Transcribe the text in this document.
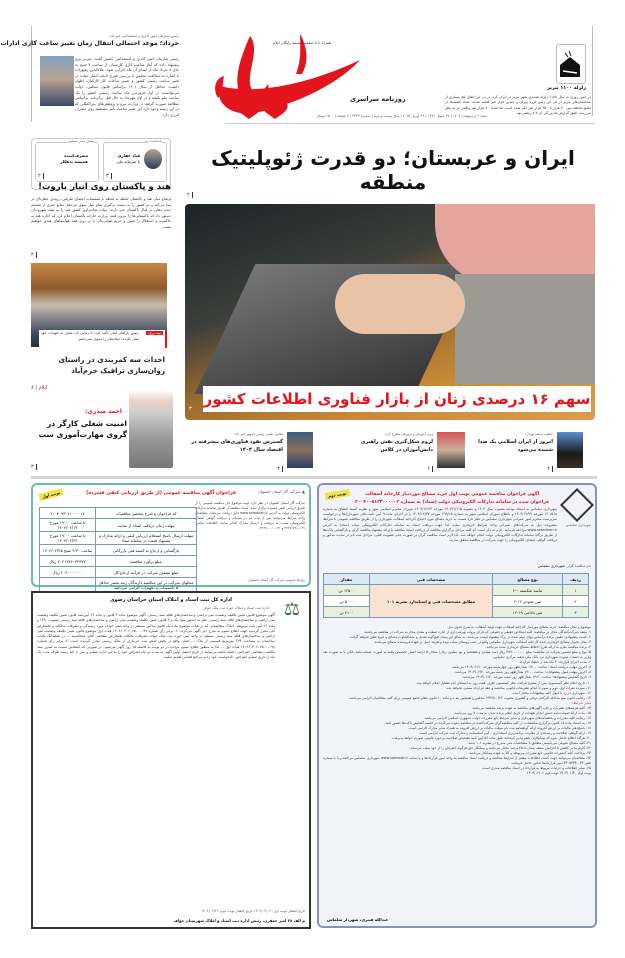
رئیس سازمان امور اداری و استخدامی خبر داد:
خرداد؛ موعد احتمالی انتقال زمان تغییر ساعت کاری ادارات
رئیس سازمان امور اداری و استخدامی کشور گفت: دوزیر نیرو پیشنهاد داده که آغاز ساعت کاری کارمندان از ساعت ۷ صبح به جای ۸ خرداد ماه از ابتدای آن ماه اجرایی شود. علاءالدین رفیع‌زاده با اشاره به مخالفت مجلس با بررسی فوری لایحه اختیار دولت در تغییر ساعت رسمی کشور و تعیین ساعات کار کارکنان، اظهار داشت: حداقل از سال ۱۴۰۱ براساس قانون مجلس، دولت می‌توانست در اول فروردین ماه ساعت رسمی کشور را یک ساعت جلو بکشد و در اول مهرماه به حال قبل برگرداند. براساس مطالعه صورت گرفته در وزارت نیرو و پژوهش‌های بین‌المللی که در این زمینه وجود دارد این تغییر ساعت تأثیر مستقیم روی مصرف انرژی دارد.
همراه با ۸ صفحه ضمیمه رایگان ایلام
روزنامه سراسری
زلزله ۱۱۰۰ تبریز
در چنین روزی به سال ۱۱۷۷ زلزله شدیدی شهر تبریز در ایران کرد. در پی این اتفاق تلخ بسیاری از ساختمان‌های تبریز در اثر این زمین لرزه ویران و چندین هزار نفر کشته شدند. تعداد کشته‌ها در منابع مختلف بین ۴۰ هزار تا ۲۵۰ هزار نفر ذکر شده است اما تعداد ۸۰ هزار نفر واقعی تر به نظر می‌رسد. طبق گزارش ها بزرگی آن ۷.۷ ریشتر بود.
شنبه ۶ اردیبهشت ۱۴۰۴ | ۲۷ شوال ۱۴۴۶ | ۲۶ آوریل ۲۰۲۵ | سال بیست و دوم | شماره ۴۳۴۳ | ۸ صفحه | ۱۵۰۰ تومان
یادداشت روز
قباد غفاری
با سرمایه ملی
۳
سخن مدیر مسئول
مصرف‌کننده
همیشه بدهکار
۲
هند و پاکستان روی انبار باروت!
اوضاع میان هند و پاکستان لحظه به لحظه با تصمیمات اعضای طرفین، روندی خطرناک در پیدا می‌کند و دو کشور را به سمت درگیری تمام عیار سوق می‌دهد. منابع خبری از تصمیم جدید دهلی در قبال پاکستان خبر دارند. دولت شاه‌نزاوی کشور هند را به همه شهروندان دستور داد که پاکستانی‌ها را بیرون کنند. وزارت خارجه پاکستان اعلام کرد که اجازه هند به حاکمیت و استقلال را تعیین و حریم هوایی‌مان را بر روی همه هواپیماهای هندی خواهیم بست.
۴
نبیه بری:
رئیس پارلمان لبنان تأکید کرد: تا زمانی که دشمن به تعهدات خود عمل نکرده، سلاحمان را تحویل نمی‌دهیم.
احداث سه کمربندی در راستای روان‌سازی ترافیک خرم‌آباد
۶ | ایلام
احمد میدری:
امنیت شغلی کارگر در گروی مهارت‌آموزی ست
۳
ایران و عربستان؛ دو قدرت ژئوپلیتیک منطقه
۲
سهم ۱۶ درصدی زنان از بازار فناوری اطلاعات کشور
۳
خطیب جمعه تهران:
امروز از ایران اسلامی یک صدا شنیده می‌شود
۲
وزیر آموزش و پرورش مطرح کرد:
لزوم شکل‌گیری نقش راهبری دانش‌آموزان در کلاس
۶
معاون علمی رئیس جمهور خبر داد:
گسترش نفوذ فناوری‌های پیشرفته در اقتصاد سال ۱۴۰۴
۴
شهرداری سلماس
نوبت دوم	آگهی فراخوان مناقصه عمومی نوبت اول خرید مصالح موردنیاز کارخانه آسفالت
فراخوان شده در سامانه تدارکات الکترونیکی دولت (ستاد) به شماره ۲۰۰۴۰۰۵۱۲۳۰۰۰۰۰۲
شهرداری سلماس به استناد بودجه مصوب سال ۱۴۰۴ و مصوبه ۱۴۰۳/۱۲/۱۵ مورخه ۱۴۰۳/۱۲/۲۳ شورای محترم اسلامی شهر و نظریه کمیته انطباق به شماره ۱۴۰/۵۱۸ مورخه ۱۴۰۳/۱۲/۲۹ و باطلاع شورای اسلامی شهر به شماره ۲۹۹/۱۵ مورخه ۱۴۰۳/۱۲/۲۷ و در اجرای ماده ۹ آیین نامه مالی شهرداری‌ها و درخواست سرپرست محترم امور عمرانی شهرداری سلماس در نظر دارد نسبت به خرید مصالح مورد احتیاج کارخانه آسفالت شهرداری را از طریق مناقصه عمومی با شرایط مشروحه ذیل به شرکت‌های عمرانی واجد شرایط خریداری نماید. لذا جهت دریافت اسناد به سامانه تدارکات الکترونیکی دولت (ستاد) به آدرس www.setadiran.ir مراجعه فرمایید. لازم به ذکر است که کلیه مراحل برگزاری مناقصه از دریافت اسناد مناقصه تا ارائه پیشنهاد مناقصه گران و بازگشایی پاکت‌ها از طریق درگاه سامانه تدارکات الکترونیکی دولت انجام خواهد شد. لذا لازم است مناقصه گران در صورت عدم عضویت قبلی، مراحل ثبت نام در سایت مذکور و دریافت گواهی امضای الکترونیکی را جهت شرکت در مناقصه محقق سازند.
نام مناقصه گزار: شهرداری سلماس
ردیف	نوع مصالح	مشخصات فنی	مقدار
۱	ماسه شکسته ۰-۶	مطابق مشخصات فنی و استاندارد نشریه ۱۰۱	۱۲۵۰۰ تن
۲	شن نخودی ۱۲-۶		۵۰۰۰ تن
۳	شن بادامی ۱۹-۱۲		۴۱۰۰ تن
موضوع و محل مناقصه: خرید مصالح موردنیاز کارخانه آسفالت جهت تولید آسفالت به شرح جدول ذیل.
۱- پیشه شرکت‌کنندگان مجاز در مناقصه: کلیه اشخاص حقیقی و حقوقی که دارای پروانه بهره‌برداری از اداره صنعت و معدن مجاز به شرکت در مناقصه می‌باشند.
۲- قیمت پیشنهادی: تعیین برنده براساس بهای تمام شده در برگ پیشنهاد قیمت می‌باشد. به مبالغ این پیمان هیچ‌گونه تعدیل و مابه‌التفاوت مصالح و غیره تعلق نخواهد گرفت.
۳- محل تحویل مصالح خریداری شده کارخانه آسفالت شهرداری سلماس واقع در جنب روستای میاب بوده و هزینه حمل بر عهده فروشنده مصالح می‌باشد.
۴- برنده مناقصه ملزم به ارائه طرح اختلاط مصالح خریداری شده می‌باشد.
۵- نوع و مبلغ تضمین شرکت در مناقصه: مبلغ ۳۸۹۰۰۰۰۰۰۰ ریال (سه میلیارد و هشتصد و نود میلیون ریال) معادل ۵ درصد اعتبار تخصیص یافته به صورت ضمانت‌نامه بانکی یا به صورت نقد واریز به حساب سپرده شهرداری نزد بانک ملی شعبه مرکزی سلماس.
۶- مدت اجرای قرارداد: ۳ ماه بعد از انعقاد قرارداد.
۷- آخرین مهلت دریافت اسناد: ساعت ۱۹:۰۰ بعدازظهر روز چهارشنبه مورخه ۱۴۰۴/۰۲/۱۰ می‌باشد.
۸- آخرین مهلت قبول پیشنهادات: ساعت ۱۹:۰۰ بعدازظهر روز شنبه مورخه ۱۴۰۴/۰۲/۲۰ می‌باشد.
۹- تاریخ گشایش پیشنهادها: ساعت ۱۴:۳۰ بعدازظهر روز شنبه مورخه ۱۴۰۴/۰۲/۲۰ می‌باشد.
۱۰- تاریخ اعلام نظر کمیسیون: پس از مفتوح قرائت، نظر کمیسیون ظرف هفت روز به استثنای ایام تعطیل اعلام خواهد شد.
۱۱- سپرده نفرات اول، دوم و سوم تا انجام تشریفات قانونی مناقصه و عقد قرارداد مسترد نخواهد شد.
۱۲- شهرداری در رد یا قبول کلیه پیشنهادات مختار است.
۱۳- رعایت قانون منع مداخله کارکنان دولتی و کشوری مصوب ۱۳۳۷/۱۰/۲۲ مجلس و همچنین بند د و ماده ۱۰ قانون نظام جامع عمومی برای کلیه متقاضیان الزامی می‌باشد.
سایر شرایط:
۱۴- کلیه هزینه‌های نشریات و چاپ آگهی‌های مناقصه به عهده برنده مناقصه می‌باشد.
۱۵- مدت ارائه ضمانت‌نامه حسن انجام تعهدات از تاریخ اعلام برنده شدن به مدت ۷ روز می‌باشد.
۱۶- رعایت کلیه مقررات و بخشنامه‌های شهرداری و سایر شرایط تابع مقررات دولت جمهوری اسلامی الزامی می‌باشد.
۱۷- به استناد ماده ۱۸ قانون برگزاری مناقصات، از کلیه مناقصه‌گران شرکت‌کننده در مناقصه دعوت می‌گردد در جلسه گشایش پاکت‌ها حضور یابند.
۱۸- پاسخ‌دهی مالیات بر ارزش افزوده ارائه گواهینامه ثبت نام موقت مالیات بر ارزش افزوده به همراه سایر مدارک الزامی است.
۱۹- ارائه گواهی صلاحیت و رتبه‌بندی از معاونت برنامه‌ریزی استانداری - کپی اساسنامه و مدارک ثبت شرکت الزامی است.
۲۰- هرگاه اطلاع حاصل شود که پیمانکاران باهم تبانی کرده‌اند طبق ماده ۵۶ آیین نامه تشخیص صلاحیت برخورد قانونی صورت خواهد پذیرفت.
۲۱- کلیه مصالح تحویلی می‌بایستی مطابق با مشخصات فنی مندرج در نشریه ۱۰۱ باشد.
۲۲- کارفرما در کاهش یا افزایش سقف پیمان تا ۲۵ درصد مختار می‌باشد و پیمانکار حق هرگونه اعتراض را از خود سلب می‌نماید.
۲۳- پرداخت کلیه کسورات قانونی تابع مقررات مربوطه و کلاً به عهده پیمانکار می‌باشد.
۲۴- متقاضیان می‌توانند جهت کسب اطلاعات بیشتر از شرایط مناقصه و دریافت اسناد مناقصه به واحد امور قراردادها و یا سایت www.salmasb.ir شهرداری سلماس مراجعه و یا با شماره تلفن ۰۴۴-۴۳۰۵۳۴۴ امور قراردادها تماس حاصل فرمایند.
۲۵- سایر اطلاعات و جزئیات مربوط به قرارداد در اسناد مناقصه مندرج است.
نوبت اول ۱۴۰۴/۰۱/۳۰ نوبت دوم ۱۴۰۴/۰۲/۰۶
عبدالله قنبری، شهردار سلماس
نوبت اول	فراخوان آگهی مناقصه عمومی (از طریق ارزیابی کیفی فشرده)	▲ شرکت گاز استان اصفهان
شرکت گاز استان اصفهان در نظر دارد جهت موضوع ذیل مناقصه عمومی را از طریق ارزیابی کیفی فشرده برگزار نماید. اسناد مناقصه از طریق سامانه تدارکات الکترونیکی دولت به آدرس www.setadiran.ir قابل دریافت می‌باشد. متقاضیان واجد شرایط می‌توانند پس از ثبت نام در سامانه و دریافت گواهی امضای الکترونیکی نسبت به دریافت و ارسال مدارک اقدام نمایند. اطلاعات تماس: ۰۳۱-۳۶۲۶۱۲۸۰ و ۰۳۱-۳۶۲۷۰۰۰۰.
کد فراخوان و شرح مختصر مناقصات	۲۰۰۴۰۹۳۰۱۱۰۰۰۰۱۷
مهلت زمان دریافت اسناد از سایت	تا ساعت ۱۹:۰۰ مورخ ۱۴۰۴/۰۲/۱۳
مهلت ارسال پاسخ استعلام ارزیابی کیفی و ارائه مدارک و پیشنهاد قیمت در سامانه ستاد	تا ساعت ۱۹:۰۰ مورخ ۱۴۰۴/۰۲/۲۴
بازگشایی و ارجاع به کمیته فنی بازرگانی	ساعت ۹:۳۰ صبح ۱۴۰۴/۰۲/۲۵
مبلغ برآورد مناقصه	۲۰۴۱۹۳۶۰۳۴۳۷۷ ریال
مبلغ تضمین شرکت در فرآیند ارجاع کار	۴۰۴۰۰۰۰۰۰۰ ریال
محلهای شرکت در این مناقصه دارندگان رتبه معتبر حداقل ۵ تأسیسات و تجهیزات الزامی می‌باشد	
روابط عمومی شرکت گاز استان اصفهان
⚖
اداره کل ثبت اسناد و املاک استان خراسان رضوی
اداره ثبت اسناد و املاک حوزه ثبت ملک خواف
آگهی موضوع قانون تعیین تکلیف وضعیت ثبتی اراضی و ساختمان‌های فاقد سند رسمی. آگهی موضوع ماده ۳ قانون و ماده ۱۳ آیین‌نامه قانون تعیین تکلیف وضعیت ثبتی اراضی و ساختمان‌های فاقد سند رسمی. نظر به دستور مواد یک و ۳ قانون تعیین تکلیف وضعیت ثبتی اراضی و ساختمان‌های فاقد سند رسمی مصوب ۱۳۹۰ و ماده ۱۳ آیین نامه مربوطه، املاک متقاضیانی که در هیأت موضوع ماده یک قانون مذکور مستقر در واحد ثبتی خواف مورد رسیدگی و تصرفات مالکانه و بلامعارض آنان محرز گردیده جهت اطلاع عموم به شرح ذیل آگهی می‌گردد. ۱- برابر رأی شماره ۱۴۰۴۶۰۳۰۶۰۷۵۰۰۰۰۹۷ هیأت اول موضوع قانون تعیین تکلیف وضعیت ثبتی اراضی و ساختمان‌های فاقد سند رسمی مستقر در واحد ثبتی حوزه ثبت ملک خواف تصرفات مالکانه بلامعارض متقاضی آقای عبدالحمید ... در ششدانگ یکباب ساختمان به مساحت ۲۷۴ مترمربع قسمتی از پلاک ... اصلی واقع در بخش شش ثبت خریداری از مالک رسمی محرز گردیده است. ۲- برابر رأی شماره ۱۴۰۴۶۰۳۰۶۰۷۵۰۰۰۰۹۸ هیأت اول ... لذا به منظور اطلاع عموم مراتب در دو نوبت به فاصله ۱۵ روز آگهی می‌شود. در صورتی که اشخاص نسبت به صدور سند مالکیت متقاضی اعتراضی داشته باشند می‌توانند از تاریخ انتشار اولین آگهی به مدت دو ماه اعتراض خود را به این اداره تسلیم و پس از اخذ رسید ظرف مدت یک ماه از تاریخ تسلیم اعتراض، دادخواست خود را به مراجع قضایی تقدیم نمایند.
تاریخ انتشار نوبت اول: ۱۴۰۴/۰۲/۰۶ تاریخ انتشار نوبت دوم: ۱۴۰۴/۰۲/۲۱
م الف ۲۸ امیر جعفری، رئیس اداره ثبت اسناد و املاک شهرستان خواف
